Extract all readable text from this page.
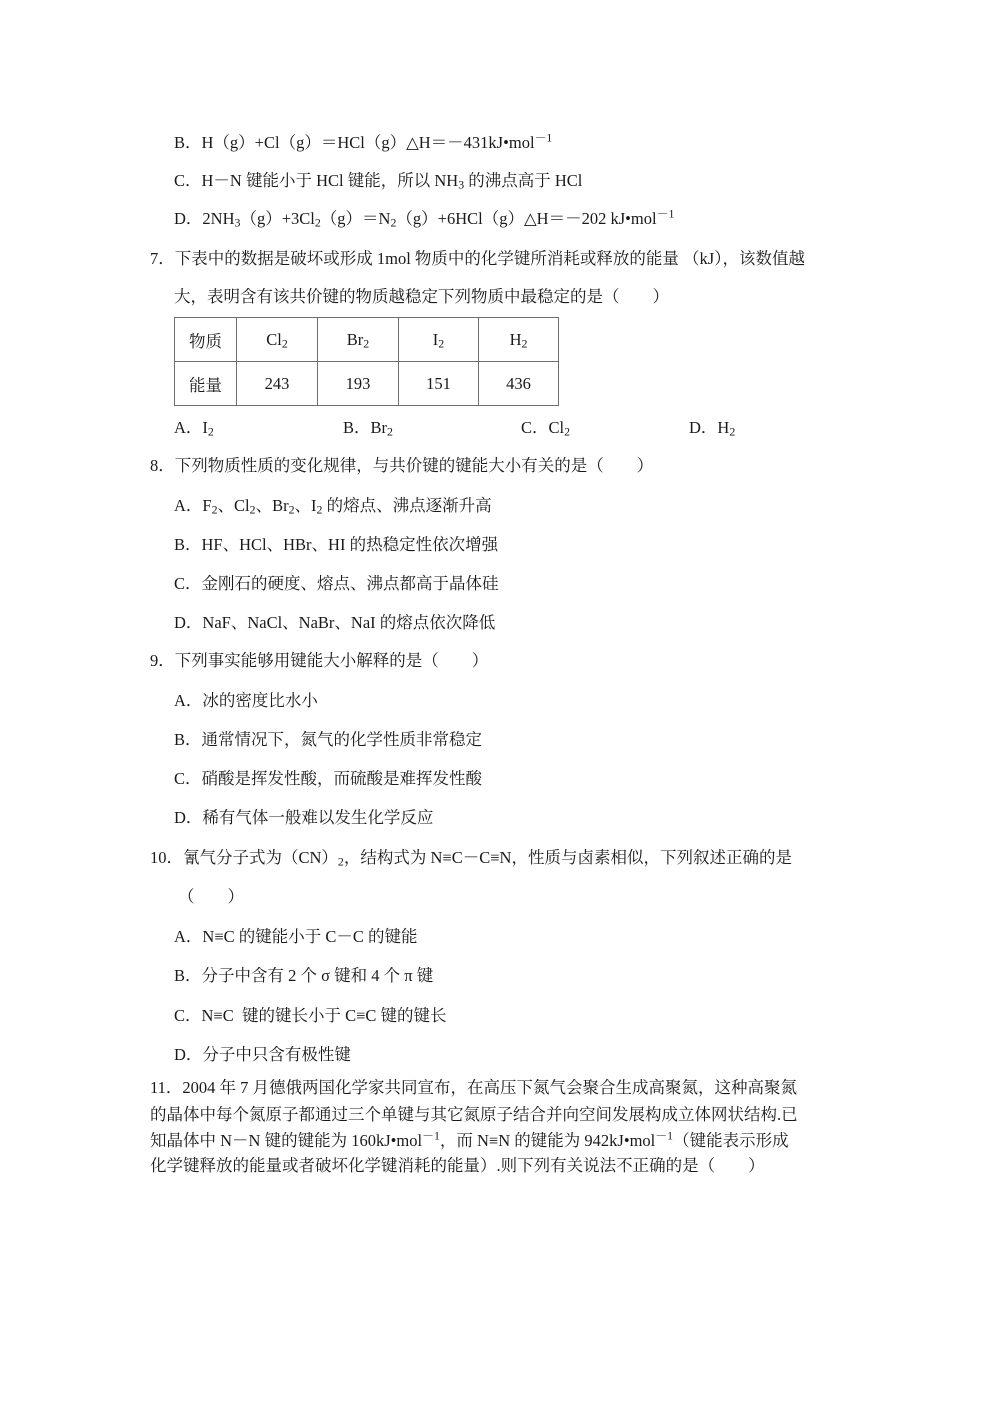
B．H（g）+Cl（g）＝HCl（g）△H＝－431kJ•mol$^{-1}$
C．H－N 键能小于 HCl 键能，所以 $NH_3$ 的沸点高于 HCl
D．$2NH_3(g)+3Cl_2(g)=N_2(g)+6HCl(g)\triangle H=-202$ kJ•mol$^{-1}$
7．下表中的数据是破坏或形成 1mol 物质中的化学键所消耗或释放的能量 （kJ），该数值越
大，表明含有该共价键的物质越稳定下列物质中最稳定的是（　　）
物质	$Cl_2$	$Br_2$	$I_2$	$H_2$
能量	243	193	151	436
A．$I_2$	B．$Br_2$	C．$Cl_2$	D．$H_2$
8．下列物质性质的变化规律，与共价键的键能大小有关的是（　　）
A．$F_2$、$Cl_2$、$Br_2$、$I_2$ 的熔点、沸点逐渐升高
B．HF、HCl、HBr、HI 的热稳定性依次增强
C．金刚石的硬度、熔点、沸点都高于晶体硅
D．NaF、NaCl、NaBr、NaI 的熔点依次降低
9．下列事实能够用键能大小解释的是（　　）
A．冰的密度比水小
B．通常情况下，氮气的化学性质非常稳定
C．硝酸是挥发性酸，而硫酸是难挥发性酸
D．稀有气体一般难以发生化学反应
10．氰气分子式为$(CN)_2$，结构式为 N≡C－C≡N，性质与卤素相似，下列叙述正确的是
（　　）
A．N≡C 的键能小于 C－C 的键能
B．分子中含有 2 个 σ 键和 4 个 π 键
C．N≡C  键的键长小于 C≡C 键的键长
D．分子中只含有极性键
11．2004 年 7 月德俄两国化学家共同宣布，在高压下氮气会聚合生成高聚氮，这种高聚氮
的晶体中每个氮原子都通过三个单键与其它氮原子结合并向空间发展构成立体网状结构.已
知晶体中 N－N 键的键能为 160kJ•mol$^{-1}$，而 N≡N 的键能为 942kJ•mol$^{-1}$（键能表示形成
化学键释放的能量或者破坏化学键消耗的能量）.则下列有关说法不正确的是（　　）
